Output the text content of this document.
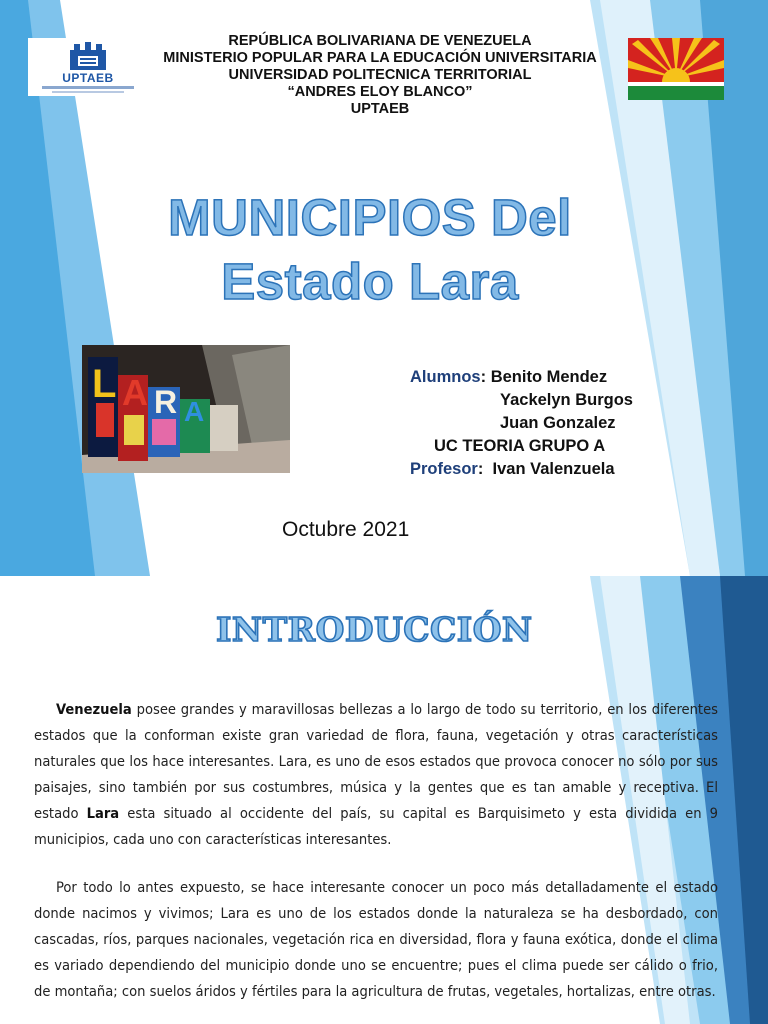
UPTAEB
REPÚBLICA BOLIVARIANA DE VENEZUELA
MINISTERIO POPULAR PARA LA EDUCACIÓN UNIVERSITARIA
UNIVERSIDAD POLITECNICA TERRITORIAL
“ANDRES ELOY BLANCO”
UPTAEB
MUNICIPIOS Del
Estado Lara
L A R A
Alumnos: Benito Mendez
Yackelyn Burgos
Juan Gonzalez
UC TEORIA GRUPO A
Profesor:  Ivan Valenzuela
Octubre 2021
INTRODUCCIÓN

Venezuela posee grandes y maravillosas bellezas a lo largo de todo su territorio, en los diferentes estados que la conforman existe gran variedad de flora, fauna, vegetación y otras características naturales que los hace interesantes. Lara, es uno de esos estados que provoca conocer no sólo por sus paisajes, sino también por sus costumbres, música y la gentes que es tan amable y receptiva. El estado Lara esta situado al occidente del país, su capital es Barquisimeto y esta dividida en 9 municipios, cada uno con características interesantes.

Por todo lo antes expuesto, se hace interesante conocer un poco más detalladamente el estado donde nacimos y vivimos; Lara es uno de los estados donde la naturaleza se ha desbordado, con cascadas, ríos, parques nacionales, vegetación rica en diversidad, flora y fauna exótica, donde el clima es variado dependiendo del municipio donde uno se encuentre; pues el clima puede ser cálido o frio, de montaña; con suelos áridos y fértiles para la agricultura de frutas, vegetales, hortalizas, entre otras.
